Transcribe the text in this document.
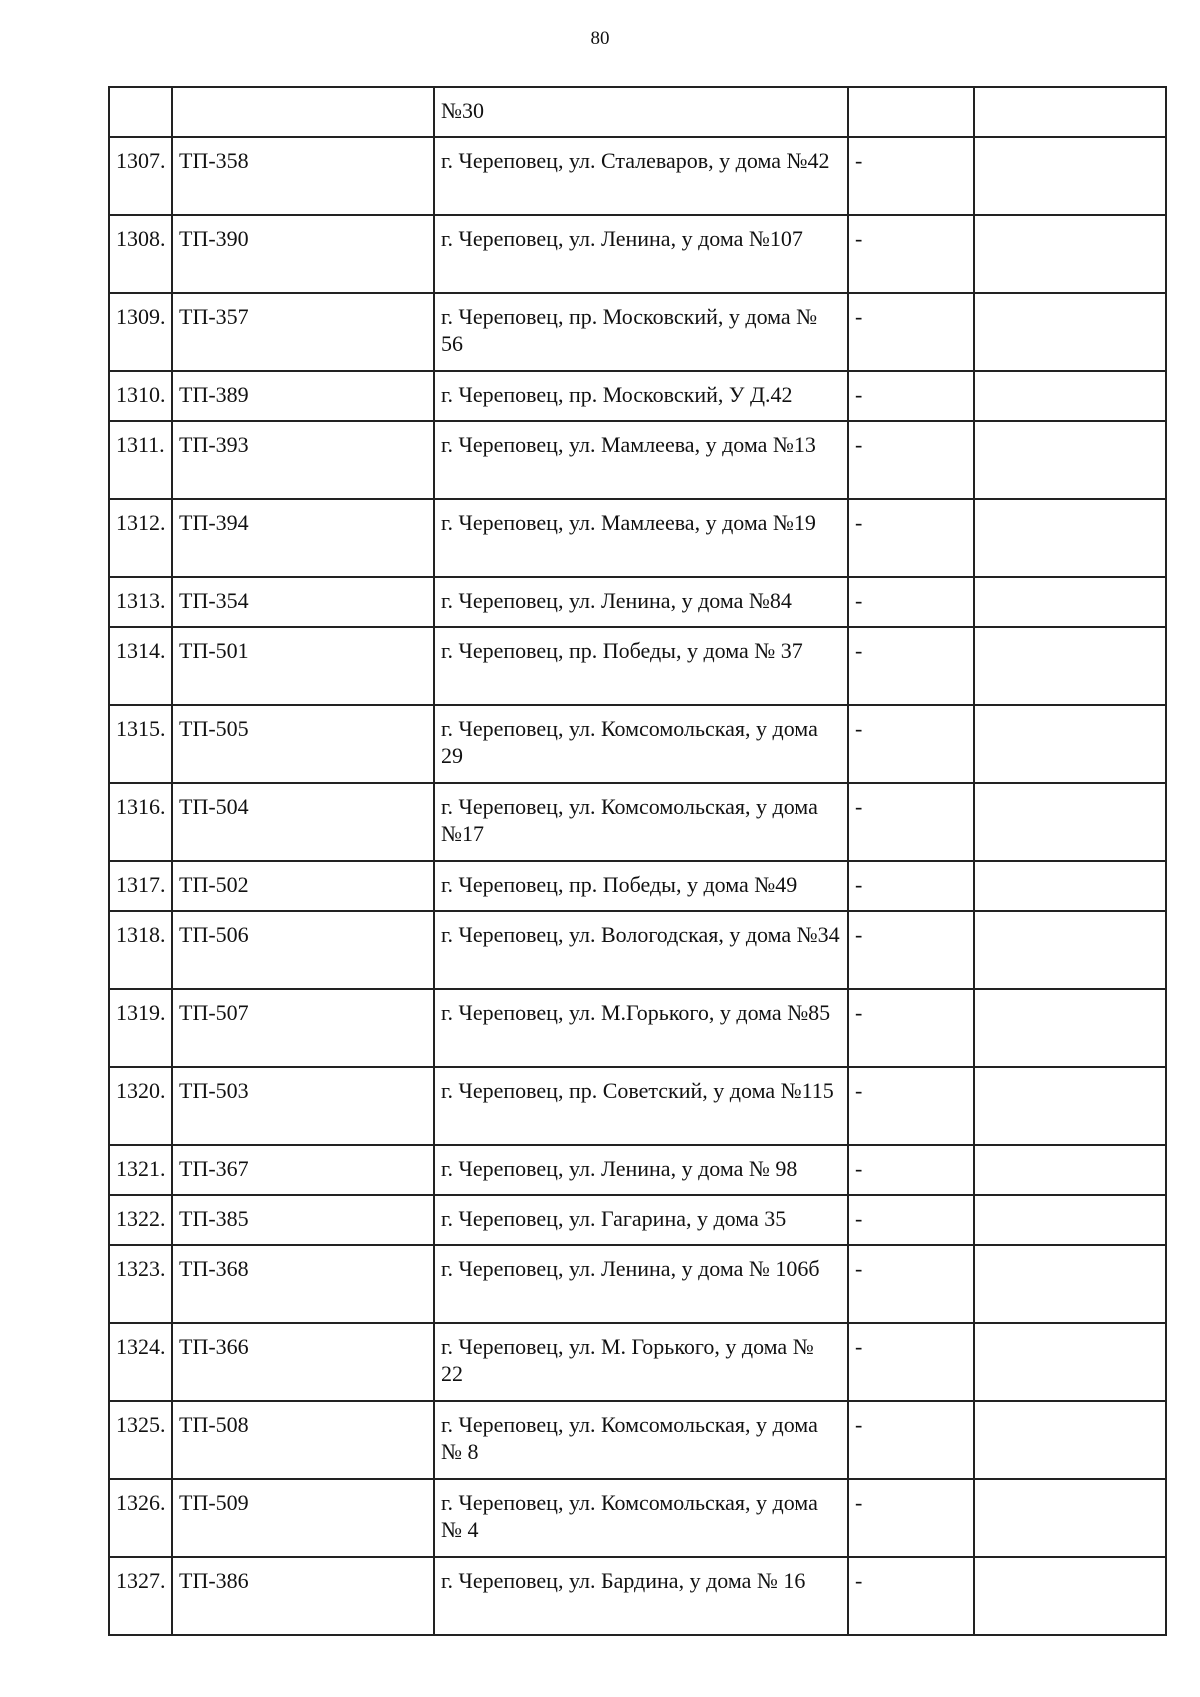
80
		№30		
1307.	ТП-358	г. Череповец, ул. Сталеваров, у дома №42	-	
1308.	ТП-390	г. Череповец, ул. Ленина, у дома №107	-	
1309.	ТП-357	г. Череповец, пр. Московский, у дома № 56	-	
1310.	ТП-389	г. Череповец, пр. Московский, У Д.42	-	
1311.	ТП-393	г. Череповец, ул. Мамлеева, у дома №13	-	
1312.	ТП-394	г. Череповец, ул. Мамлеева, у дома №19	-	
1313.	ТП-354	г. Череповец, ул. Ленина, у дома №84	-	
1314.	ТП-501	г. Череповец, пр. Победы, у дома № 37	-	
1315.	ТП-505	г. Череповец, ул. Комсомольская, у дома 29	-	
1316.	ТП-504	г. Череповец, ул. Комсомольская, у дома №17	-	
1317.	ТП-502	г. Череповец, пр. Победы, у дома №49	-	
1318.	ТП-506	г. Череповец, ул. Вологодская, у дома №34	-	
1319.	ТП-507	г. Череповец, ул. М.Горького, у дома №85	-	
1320.	ТП-503	г. Череповец, пр. Советский, у дома №115	-	
1321.	ТП-367	г. Череповец, ул. Ленина, у дома № 98	-	
1322.	ТП-385	г. Череповец, ул. Гагарина, у дома 35	-	
1323.	ТП-368	г. Череповец, ул. Ленина, у дома № 106б	-	
1324.	ТП-366	г. Череповец, ул. М. Горького, у дома № 22	-	
1325.	ТП-508	г. Череповец, ул. Комсомольская, у дома № 8	-	
1326.	ТП-509	г. Череповец, ул. Комсомольская, у дома № 4	-	
1327.	ТП-386	г. Череповец, ул. Бардина, у дома № 16	-	
